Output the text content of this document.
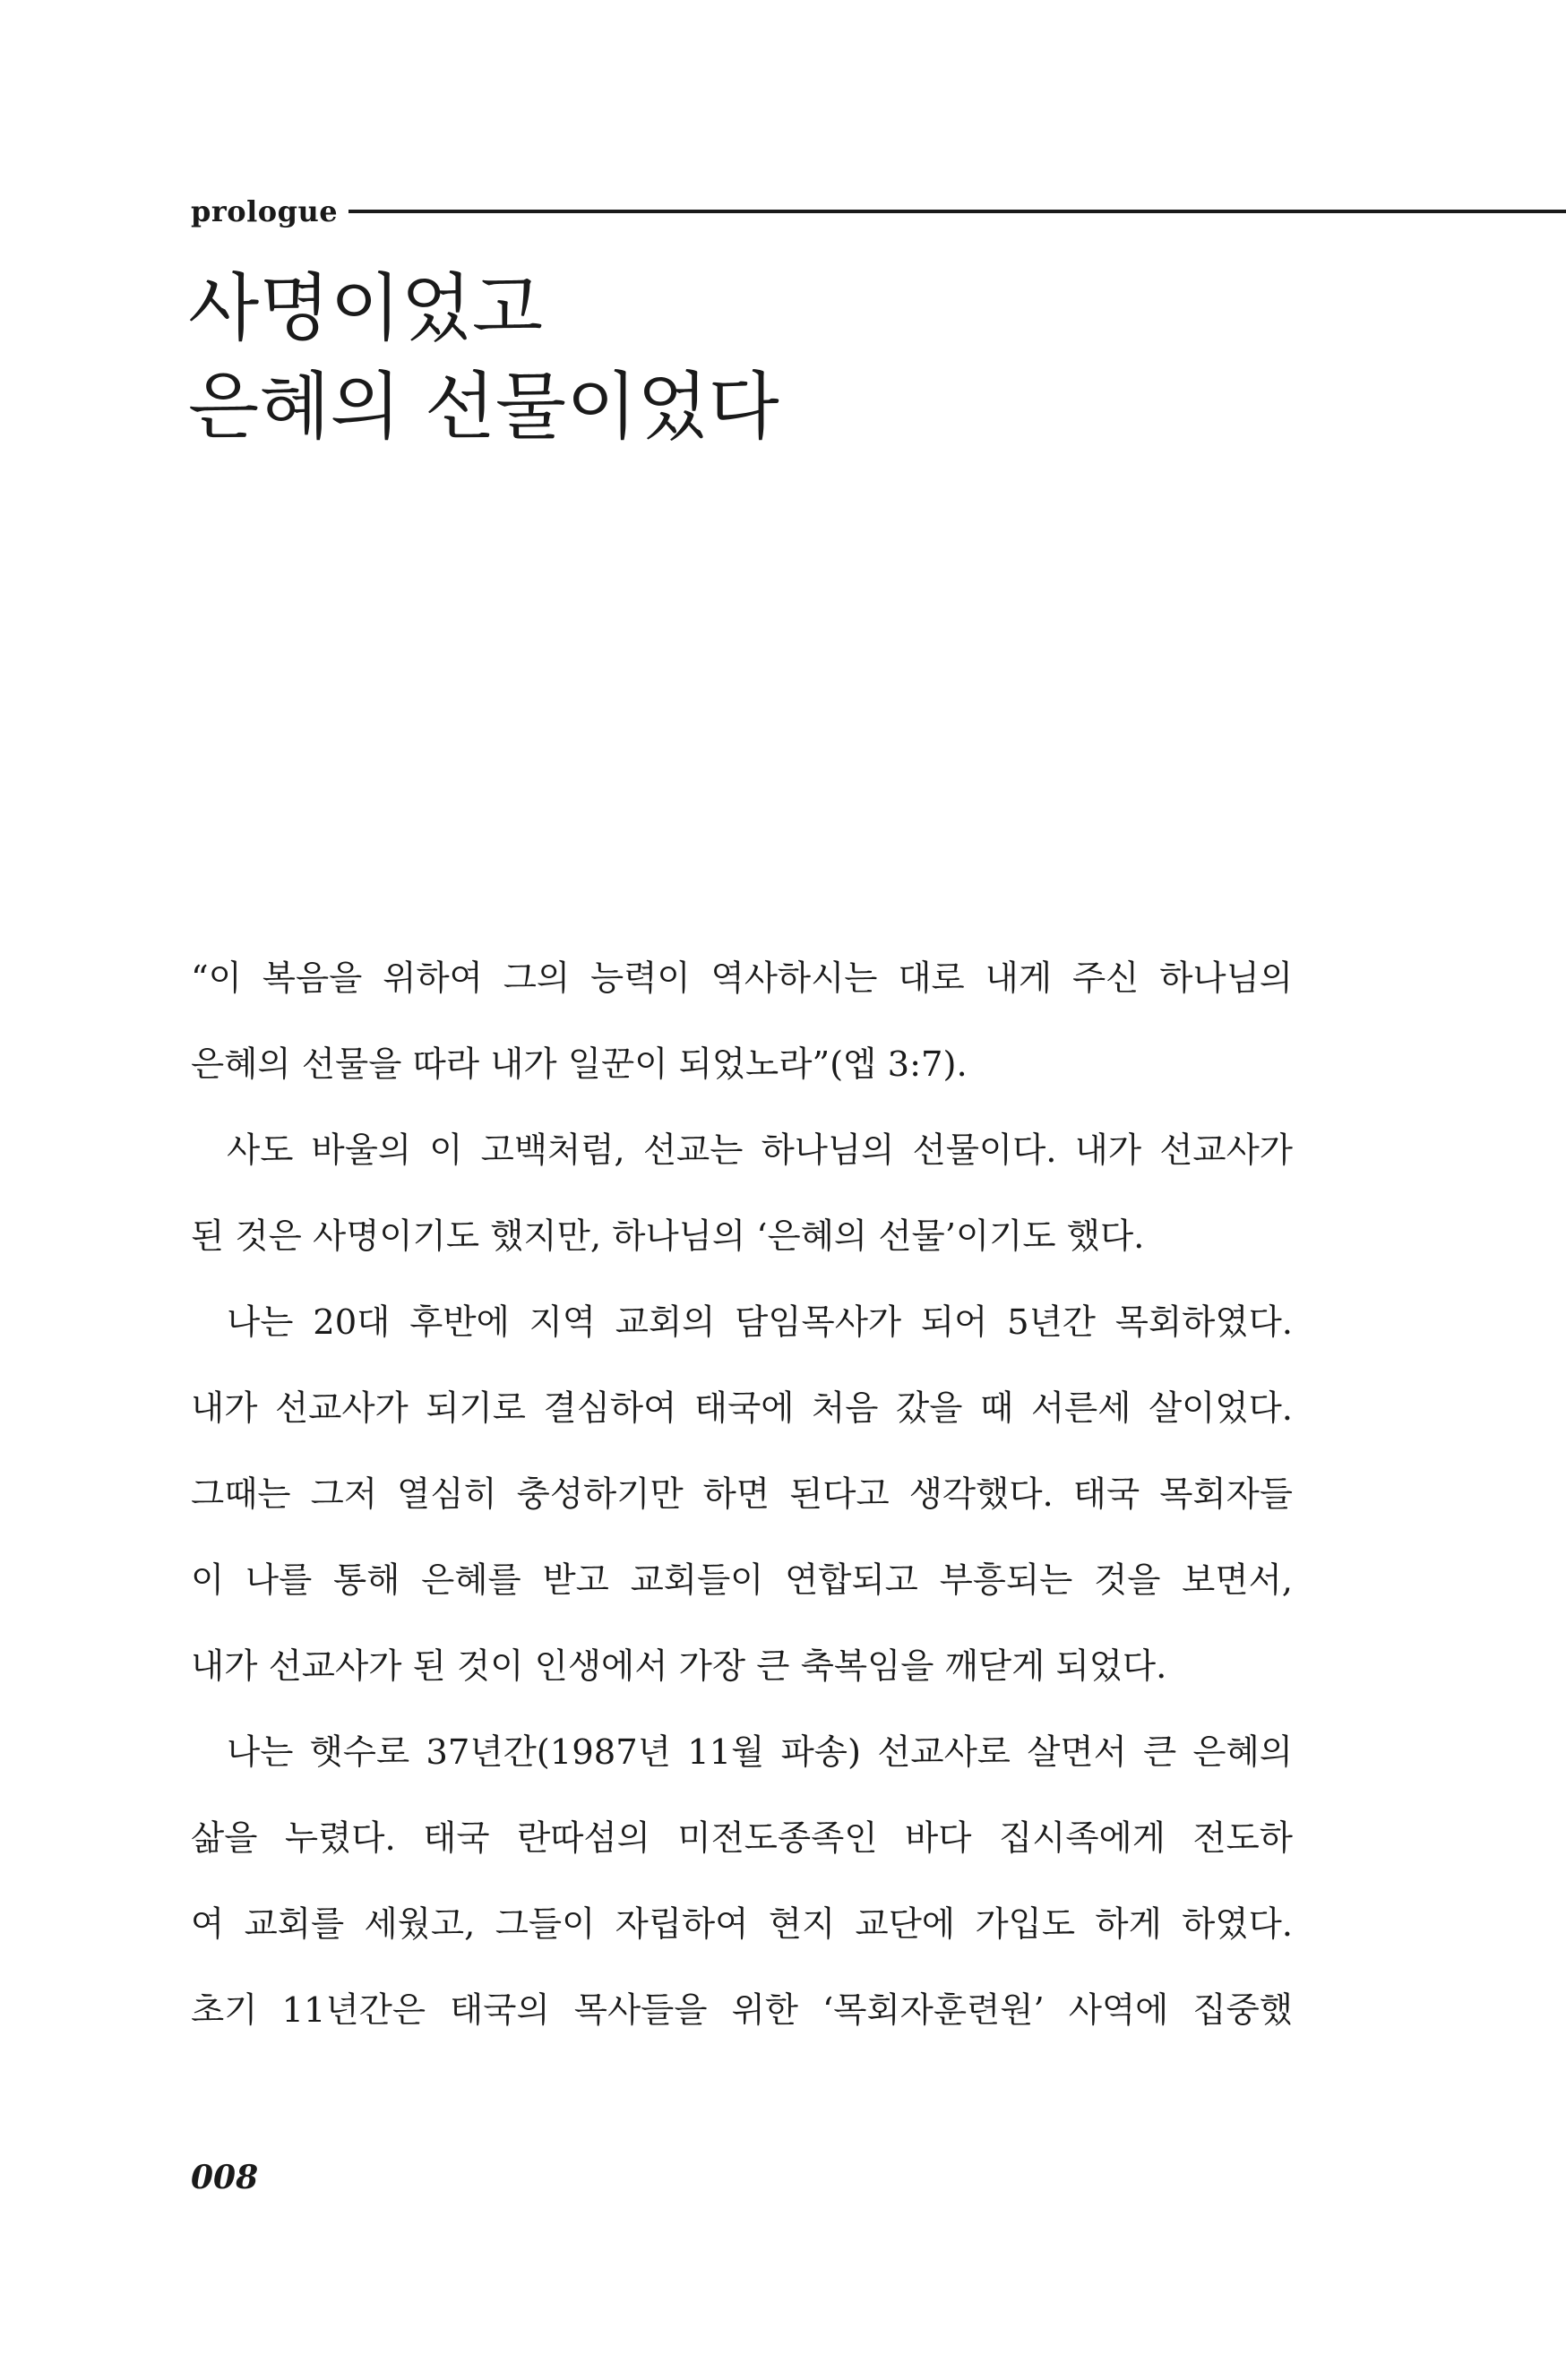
prologue
사명이었고
은혜의 선물이었다
“이 복음을 위하여 그의 능력이 역사하시는 대로 내게 주신 하나님의
은혜의 선물을 따라 내가 일꾼이 되었노라”(엡 3:7).
사도 바울의 이 고백처럼, 선교는 하나님의 선물이다. 내가 선교사가
된 것은 사명이기도 했지만, 하나님의 ‘은혜의 선물’이기도 했다.
나는 20대 후반에 지역 교회의 담임목사가 되어 5년간 목회하였다.
내가 선교사가 되기로 결심하여 태국에 처음 갔을 때 서른세 살이었다.
그때는 그저 열심히 충성하기만 하면 된다고 생각했다. 태국 목회자들
이 나를 통해 은혜를 받고 교회들이 연합되고 부흥되는 것을 보면서,
내가 선교사가 된 것이 인생에서 가장 큰 축복임을 깨닫게 되었다.
나는 햇수로 37년간(1987년 11월 파송) 선교사로 살면서 큰 은혜의
삶을 누렸다. 태국 란따섬의 미전도종족인 바다 집시족에게 전도하
여 교회를 세웠고, 그들이 자립하여 현지 교단에 가입도 하게 하였다.
초기 11년간은 태국의 목사들을 위한 ‘목회자훈련원’ 사역에 집중했
008
